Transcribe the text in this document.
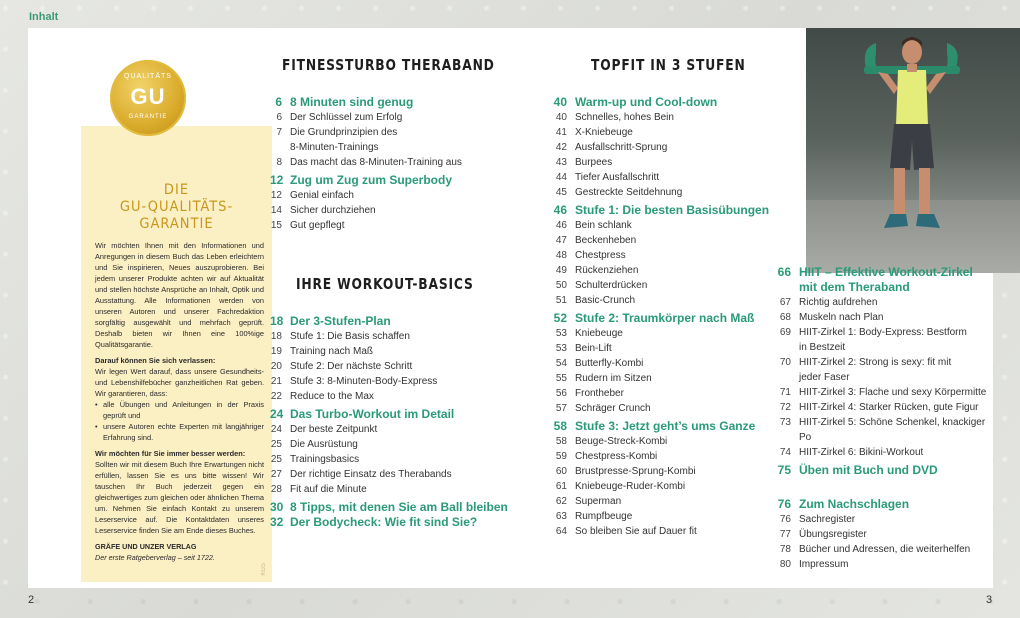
Inhalt
2	3
DIE
GU-QUALITÄTS-
GARANTIE

Wir möchten Ihnen mit den Informationen und Anregungen in diesem Buch das Leben erleichtern und Sie inspirieren, Neues auszuprobieren. Bei jedem unserer Produkte achten wir auf Aktualität und stellen höchste Ansprüche an Inhalt, Optik und Ausstattung. Alle Informationen werden von unseren Autoren und unserer Fachredaktion sorgfältig ausgewählt und mehrfach geprüft. Deshalb bieten wir Ihnen eine 100%ige Qualitätsgarantie.

Darauf können Sie sich verlassen:
Wir legen Wert darauf, dass unsere Gesundheits- und Lebenshilfebücher ganzheitlichen Rat geben. Wir garantieren, dass:

• alle Übungen und Anleitungen in der Praxis geprüft und
• unsere Autoren echte Experten mit langjähriger Erfahrung sind.

Wir möchten für Sie immer besser werden:
Sollten wir mit diesem Buch Ihre Erwartungen nicht erfüllen, lassen Sie es uns bitte wissen! Wir tauschen Ihr Buch jederzeit gegen ein gleichwertiges zum gleichen oder ähnlichen Thema um. Nehmen Sie einfach Kontakt zu unserem Leserservice auf. Die Kontaktdaten unseres Leserservice finden Sie am Ende dieses Buches.

GRÄFE UND UNZER VERLAG
Der erste Ratgeberverlag – seit 1722.
KGS
QUALITÄTS
GU
GARANTIE
FITNESSTURBO THERABAND
6 8 Minuten sind genug
6 Der Schlüssel zum Erfolg
7 Die Grundprinzipien des
8-Minuten-Trainings
8 Das macht das 8-Minuten-Training aus
12 Zug um Zug zum Superbody
12 Genial einfach
14 Sicher durchziehen
15 Gut gepflegt
IHRE WORKOUT-BASICS
18 Der 3-Stufen-Plan
18 Stufe 1: Die Basis schaffen
19 Training nach Maß
20 Stufe 2: Der nächste Schritt
21 Stufe 3: 8-Minuten-Body-Express
22 Reduce to the Max
24 Das Turbo-Workout im Detail
24 Der beste Zeitpunkt
25 Die Ausrüstung
25 Trainingsbasics
27 Der richtige Einsatz des Therabands
28 Fit auf die Minute
30 8 Tipps, mit denen Sie am Ball bleiben
32 Der Bodycheck: Wie fit sind Sie?
TOPFIT IN 3 STUFEN
40 Warm-up und Cool-down
40 Schnelles, hohes Bein
41 X-Kniebeuge
42 Ausfallschritt-Sprung
43 Burpees
44 Tiefer Ausfallschritt
45 Gestreckte Seitdehnung
46 Stufe 1: Die besten Basisübungen
46 Bein schlank
47 Beckenheben
48 Chestpress
49 Rückenziehen
50 Schulterdrücken
51 Basic-Crunch
52 Stufe 2: Traumkörper nach Maß
53 Kniebeuge
53 Bein-Lift
54 Butterfly-Kombi
55 Rudern im Sitzen
56 Frontheber
57 Schräger Crunch
58 Stufe 3: Jetzt geht’s ums Ganze
58 Beuge-Streck-Kombi
59 Chestpress-Kombi
60 Brustpresse-Sprung-Kombi
61 Kniebeuge-Ruder-Kombi
62 Superman
63 Rumpfbeuge
64 So bleiben Sie auf Dauer fit
66 HIIT – Effektive Workout-Zirkel
mit dem Theraband
67 Richtig aufdrehen
68 Muskeln nach Plan
69 HIIT-Zirkel 1: Body-Express: Bestform
in Bestzeit
70 HIIT-Zirkel 2: Strong is sexy: fit mit
jeder Faser
71 HIIT-Zirkel 3: Flache und sexy Körpermitte
72 HIIT-Zirkel 4: Starker Rücken, gute Figur
73 HIIT-Zirkel 5: Schöne Schenkel, knackiger Po
74 HIIT-Zirkel 6: Bikini-Workout
75 Üben mit Buch und DVD
76 Zum Nachschlagen
76 Sachregister
77 Übungsregister
78 Bücher und Adressen, die weiterhelfen
80 Impressum
